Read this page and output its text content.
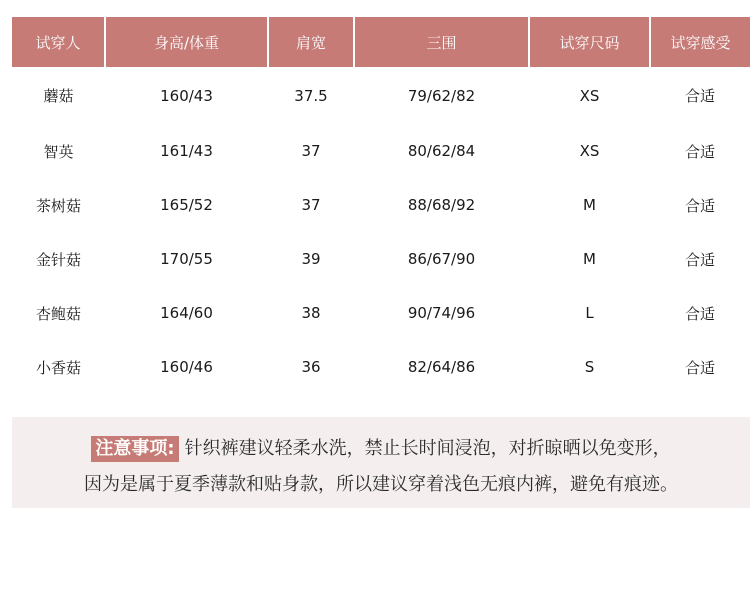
试穿人	身高/体重	肩宽	三围	试穿尺码	试穿感受
蘑菇	160/43	37.5	79/62/82	XS	合适
智英	161/43	37	80/62/84	XS	合适
茶树菇	165/52	37	88/68/92	M	合适
金针菇	170/55	39	86/67/90	M	合适
杏鲍菇	164/60	38	90/74/96	L	合适
小香菇	160/46	36	82/64/86	S	合适
注意事项: 针织裤建议轻柔水洗，禁止长时间浸泡，对折晾晒以免变形，
因为是属于夏季薄款和贴身款，所以建议穿着浅色无痕内裤，避免有痕迹。
